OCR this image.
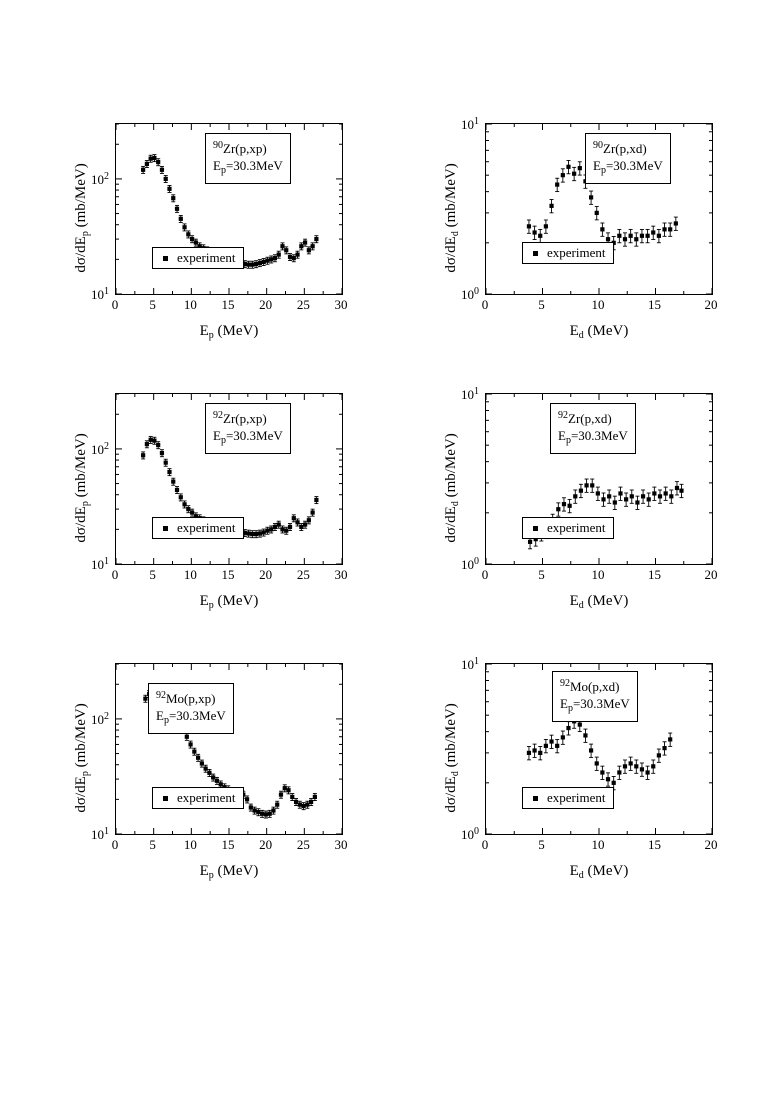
$d\sigma/dE_p$ (mb/MeV)
$E_p$ (MeV)
$^{90}$Zr(p,xp)
$E_p=30.3MeV$
experiment
0	5	10	15	20	25	30
$10^1$
$10^2$
$d\sigma/dE_d$ (mb/MeV)
$E_d$ (MeV)
$^{90}$Zr(p,xd)
$E_p=30.3MeV$
experiment
0	5	10	15	20
$10^0$
$10^1$
$d\sigma/dE_p$ (mb/MeV)
$E_p$ (MeV)
$^{92}$Zr(p,xp)
$E_p=30.3MeV$
experiment
0	5	10	15	20	25	30
$10^1$
$10^2$
$d\sigma/dE_d$ (mb/MeV)
$E_d$ (MeV)
$^{92}$Zr(p,xd)
$E_p=30.3MeV$
experiment
0	5	10	15	20
$10^0$
$10^1$
$d\sigma/dE_p$ (mb/MeV)
$E_p$ (MeV)
$^{92}$Mo(p,xp)
$E_p=30.3MeV$
experiment
0	5	10	15	20	25	30
$10^1$
$10^2$
$d\sigma/dE_d$ (mb/MeV)
$E_d$ (MeV)
$^{92}$Mo(p,xd)
$E_p=30.3MeV$
experiment
0	5	10	15	20
$10^0$
$10^1$
